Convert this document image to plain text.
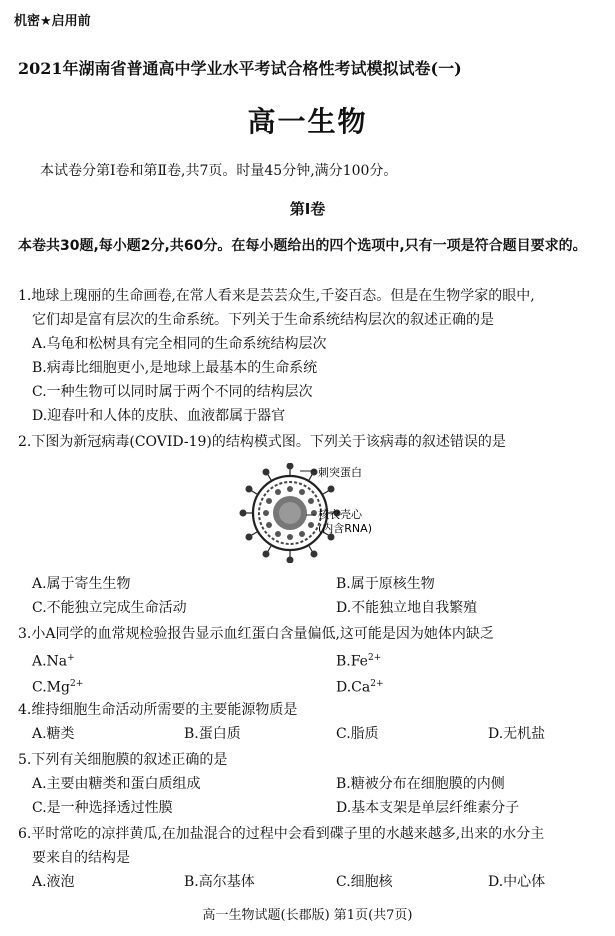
机密★启用前
2021年湖南省普通高中学业水平考试合格性考试模拟试卷(一)
高一生物
本试卷分第Ⅰ卷和第Ⅱ卷,共7页。时量45分钟,满分100分。
第Ⅰ卷
本卷共30题,每小题2分,共60分。在每小题给出的四个选项中,只有一项是符合题目要求的。
1.地球上瑰丽的生命画卷,在常人看来是芸芸众生,千姿百态。但是在生物学家的眼中,
它们却是富有层次的生命系统。下列关于生命系统结构层次的叙述正确的是
A.乌龟和松树具有完全相同的生命系统结构层次
B.病毒比细胞更小,是地球上最基本的生命系统
C.一种生物可以同时属于两个不同的结构层次
D.迎春叶和人体的皮肤、血液都属于器官
2.下图为新冠病毒(COVID-19)的结构模式图。下列关于该病毒的叙述错误的是
刺突蛋白
核衣壳心
(内含RNA)
A.属于寄生生物	B.属于原核生物
C.不能独立完成生命活动	D.不能独立地自我繁殖
3.小A同学的血常规检验报告显示血红蛋白含量偏低,这可能是因为她体内缺乏
A.Na+	$B.Fe^{2+}$
$C.Mg^{2+}$	$D.Ca^{2+}$
4.维持细胞生命活动所需要的主要能源物质是
A.糖类	B.蛋白质	C.脂质	D.无机盐
5.下列有关细胞膜的叙述正确的是
A.主要由糖类和蛋白质组成	B.糖被分布在细胞膜的内侧
C.是一种选择透过性膜	D.基本支架是单层纤维素分子
6.平时常吃的凉拌黄瓜,在加盐混合的过程中会看到碟子里的水越来越多,出来的水分主
要来自的结构是
A.液泡	B.高尔基体	C.细胞核	D.中心体
高一生物试题(长郡版) 第1页(共7页)
